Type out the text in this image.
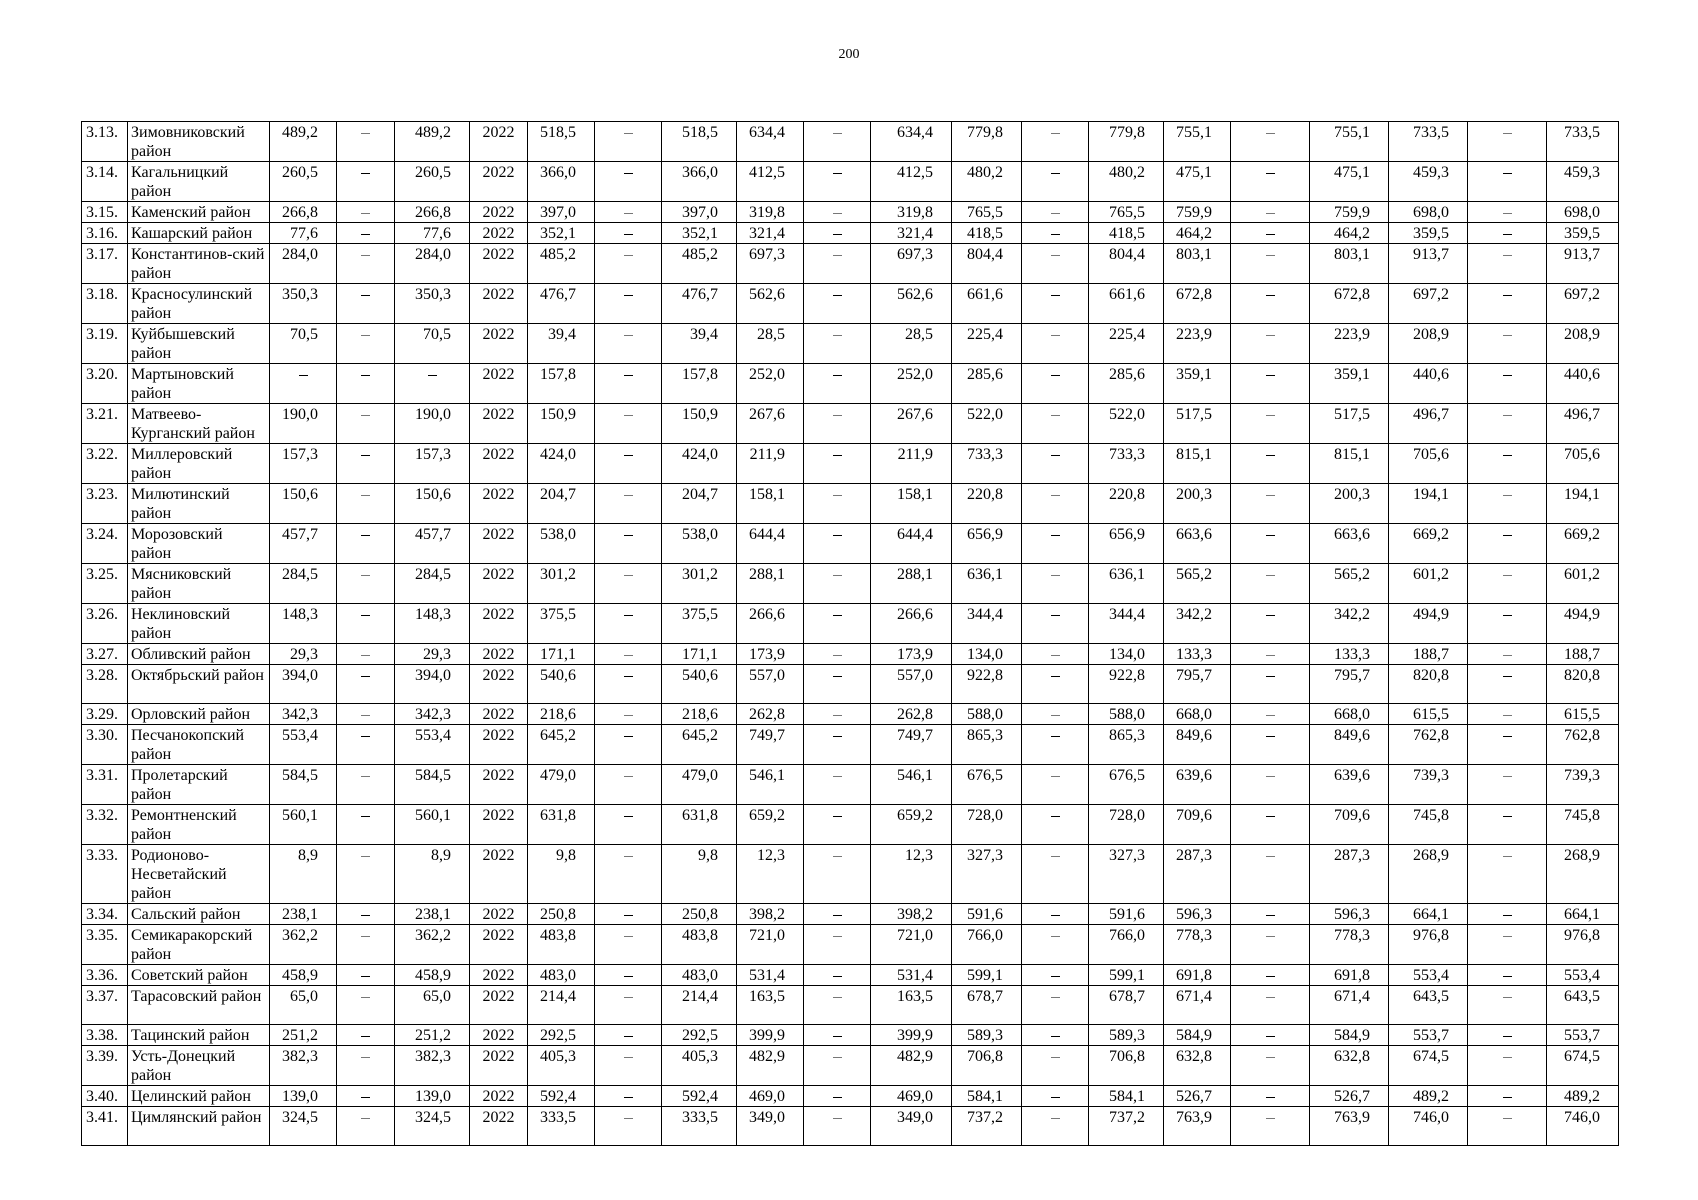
200
3.13.	Зимовниковский район	489,2		489,2	2022	518,5		518,5	634,4		634,4	779,8		779,8	755,1		755,1	733,5		733,5
3.14.	Кагальницкий район	260,5		260,5	2022	366,0		366,0	412,5		412,5	480,2		480,2	475,1		475,1	459,3		459,3
3.15.	Каменский район	266,8		266,8	2022	397,0		397,0	319,8		319,8	765,5		765,5	759,9		759,9	698,0		698,0
3.16.	Кашарский район	77,6		77,6	2022	352,1		352,1	321,4		321,4	418,5		418,5	464,2		464,2	359,5		359,5
3.17.	Константинов-ский район	284,0		284,0	2022	485,2		485,2	697,3		697,3	804,4		804,4	803,1		803,1	913,7		913,7
3.18.	Красносулинский район	350,3		350,3	2022	476,7		476,7	562,6		562,6	661,6		661,6	672,8		672,8	697,2		697,2
3.19.	Куйбышевский район	70,5		70,5	2022	39,4		39,4	28,5		28,5	225,4		225,4	223,9		223,9	208,9		208,9
3.20.	Мартыновский район				2022	157,8		157,8	252,0		252,0	285,6		285,6	359,1		359,1	440,6		440,6
3.21.	Матвеево-Курганский район	190,0		190,0	2022	150,9		150,9	267,6		267,6	522,0		522,0	517,5		517,5	496,7		496,7
3.22.	Миллеровский район	157,3		157,3	2022	424,0		424,0	211,9		211,9	733,3		733,3	815,1		815,1	705,6		705,6
3.23.	Милютинский район	150,6		150,6	2022	204,7		204,7	158,1		158,1	220,8		220,8	200,3		200,3	194,1		194,1
3.24.	Морозовский район	457,7		457,7	2022	538,0		538,0	644,4		644,4	656,9		656,9	663,6		663,6	669,2		669,2
3.25.	Мясниковский район	284,5		284,5	2022	301,2		301,2	288,1		288,1	636,1		636,1	565,2		565,2	601,2		601,2
3.26.	Неклиновский район	148,3		148,3	2022	375,5		375,5	266,6		266,6	344,4		344,4	342,2		342,2	494,9		494,9
3.27.	Обливский район	29,3		29,3	2022	171,1		171,1	173,9		173,9	134,0		134,0	133,3		133,3	188,7		188,7
3.28.	Октябрьский район	394,0		394,0	2022	540,6		540,6	557,0		557,0	922,8		922,8	795,7		795,7	820,8		820,8
3.29.	Орловский район	342,3		342,3	2022	218,6		218,6	262,8		262,8	588,0		588,0	668,0		668,0	615,5		615,5
3.30.	Песчанокопский район	553,4		553,4	2022	645,2		645,2	749,7		749,7	865,3		865,3	849,6		849,6	762,8		762,8
3.31.	Пролетарский район	584,5		584,5	2022	479,0		479,0	546,1		546,1	676,5		676,5	639,6		639,6	739,3		739,3
3.32.	Ремонтненский район	560,1		560,1	2022	631,8		631,8	659,2		659,2	728,0		728,0	709,6		709,6	745,8		745,8
3.33.	Родионово-Несветайский район	8,9		8,9	2022	9,8		9,8	12,3		12,3	327,3		327,3	287,3		287,3	268,9		268,9
3.34.	Сальский район	238,1		238,1	2022	250,8		250,8	398,2		398,2	591,6		591,6	596,3		596,3	664,1		664,1
3.35.	Семикаракорский район	362,2		362,2	2022	483,8		483,8	721,0		721,0	766,0		766,0	778,3		778,3	976,8		976,8
3.36.	Советский район	458,9		458,9	2022	483,0		483,0	531,4		531,4	599,1		599,1	691,8		691,8	553,4		553,4
3.37.	Тарасовский район	65,0		65,0	2022	214,4		214,4	163,5		163,5	678,7		678,7	671,4		671,4	643,5		643,5
3.38.	Тацинский район	251,2		251,2	2022	292,5		292,5	399,9		399,9	589,3		589,3	584,9		584,9	553,7		553,7
3.39.	Усть-Донецкий район	382,3		382,3	2022	405,3		405,3	482,9		482,9	706,8		706,8	632,8		632,8	674,5		674,5
3.40.	Целинский район	139,0		139,0	2022	592,4		592,4	469,0		469,0	584,1		584,1	526,7		526,7	489,2		489,2
3.41.	Цимлянский район	324,5		324,5	2022	333,5		333,5	349,0		349,0	737,2		737,2	763,9		763,9	746,0		746,0
